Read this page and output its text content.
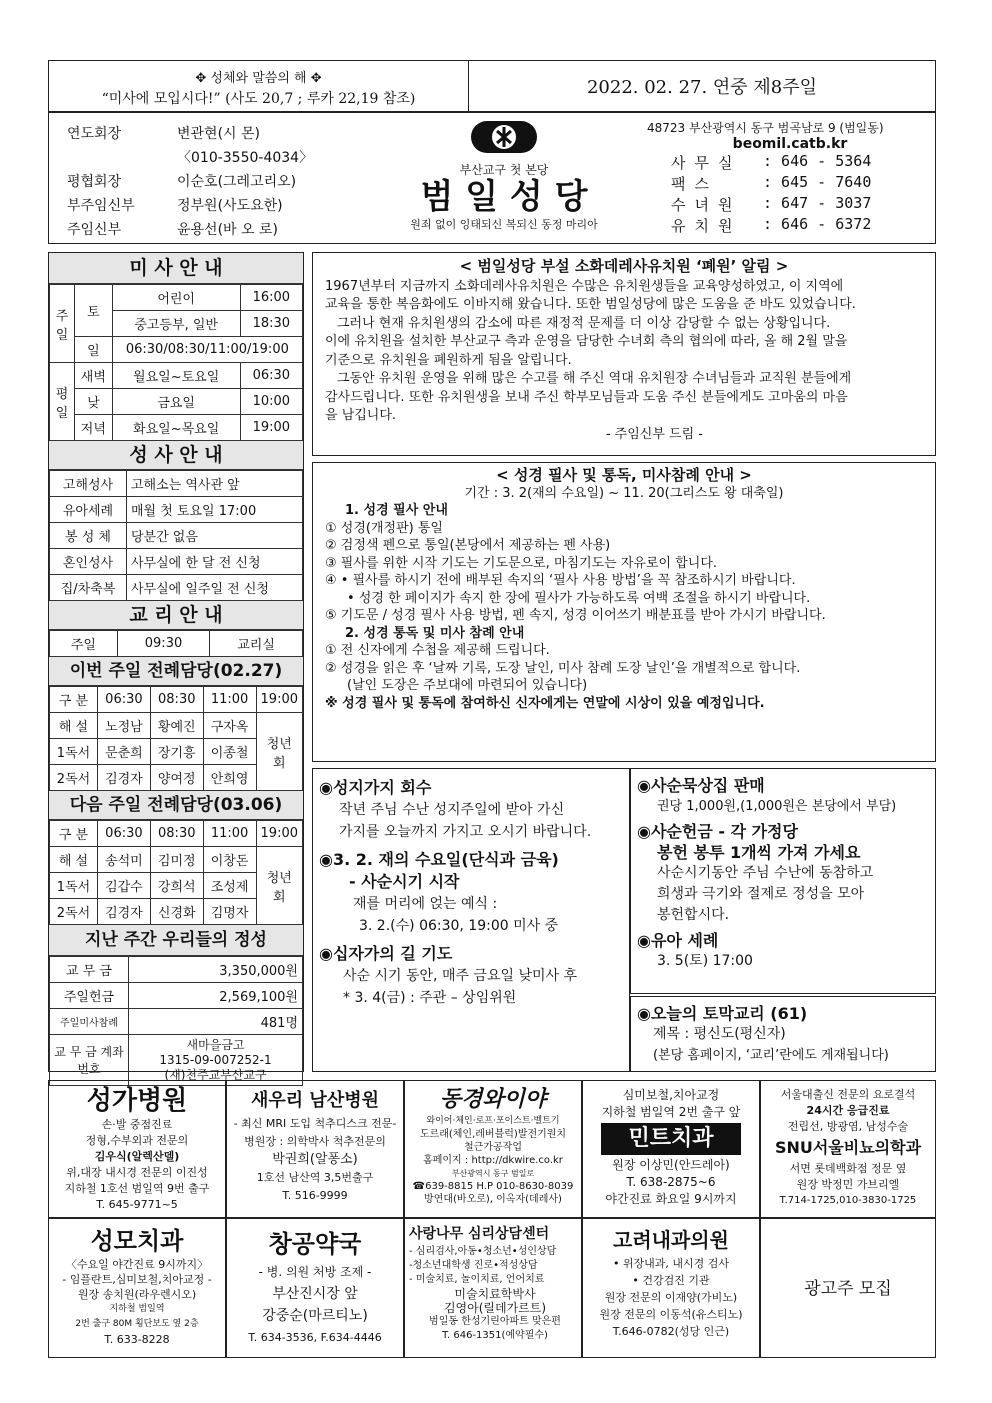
✥ 성체와 말씀의 해 ✥
“미사에 모입시다!” (사도 20,7 ; 루카 22,19 참조)
2022. 02. 27. 연중 제8주일
연도회장	변관현(시 몬)
〈010-3550-4034〉
평협회장	이순호(그레고리오)
부주임신부	정부원(사도요한)
주임신부	윤용선(바 오 로)
부산교구 첫 본당
범 일 성 당
원죄 없이 잉태되신 복되신 동정 마리아
48723 부산광역시 동구 범곡남로 9 (범일동)
beomil.catb.kr
사 무 실	: 646 - 5364
팩 스	: 645 - 7640
수 녀 원	: 647 - 3037
유 치 원	: 646 - 6372
미 사 안 내
주일	토	어린이	16:00
		중고등부, 일반	18:30
	일	06:30/08:30/11:00/19:00	
평일	새벽	월요일~토요일	06:30
	낮	금요일	10:00
	저녁	화요일~목요일	19:00
성 사 안 내
고해성사	고해소는 역사관 앞
유아세례	매월 첫 토요일 17:00
봉 성 체	당분간 없음
혼인성사	사무실에 한 달 전 신청
집/차축복	사무실에 일주일 전 신청
교 리 안 내
주일	09:30	교리실
이번 주일 전례담당(02.27)
구 분	06:30	08:30	11:00	19:00
해 설	노정남	황예진	구자옥	청년회
1독서	문춘희	장기흥	이종철	
2독서	김경자	양여정	안희영	
다음 주일 전례담당(03.06)
구 분	06:30	08:30	11:00	19:00
해 설	송석미	김미정	이창돈	청년회
1독서	김갑수	강희석	조성제	
2독서	김경자	신경화	김명자	
지난 주간 우리들의 정성
교 무 금	3,350,000원
주일헌금	2,569,100원
주일미사참례	481명
교 무 금 계좌번호	새마을금고
1315-09-007252-1
(재)천주교부산교구
< 범일성당 부설 소화데레사유치원 ‘폐원’ 알림 >
1967년부터 지금까지 소화데레사유치원은 수많은 유치원생들을 교육양성하였고, 이 지역에
교육을 통한 복음화에도 이바지해 왔습니다. 또한 범일성당에 많은 도움을 준 바도 있었습니다.
그러나 현재 유치원생의 감소에 따른 재정적 문제를 더 이상 감당할 수 없는 상황입니다.
이에 유치원을 설치한 부산교구 측과 운영을 담당한 수녀회 측의 협의에 따라, 올 해 2월 말을
기준으로 유치원을 폐원하게 됨을 알립니다.
그동안 유치원 운영을 위해 많은 수고를 해 주신 역대 유치원장 수녀님들과 교직원 분들에게
감사드립니다. 또한 유치원생을 보내 주신 학부모님들과 도움 주신 분들에게도 고마움의 마음
을 남깁니다.
- 주임신부 드림 -
< 성경 필사 및 통독, 미사참례 안내 >
기간 : 3. 2(재의 수요일) ~ 11. 20(그리스도 왕 대축일)
1. 성경 필사 안내
① 성경(개정판) 통일
② 검정색 펜으로 통일(본당에서 제공하는 펜 사용)
③ 필사를 위한 시작 기도는 기도문으로, 마침기도는 자유로이 합니다.
④ • 필사를 하시기 전에 배부된 속지의 ‘필사 사용 방법’을 꼭 참조하시기 바랍니다.
• 성경 한 페이지가 속지 한 장에 필사가 가능하도록 여백 조절을 하시기 바랍니다.
⑤ 기도문 / 성경 필사 사용 방법, 펜 속지, 성경 이어쓰기 배분표를 받아 가시기 바랍니다.
2. 성경 통독 및 미사 참례 안내
① 전 신자에게 수첩을 제공해 드립니다.
② 성경을 읽은 후 ‘날짜 기록, 도장 날인, 미사 참례 도장 날인’을 개별적으로 합니다.
(날인 도장은 주보대에 마련되어 있습니다)
※ 성경 필사 및 통독에 참여하신 신자에게는 연말에 시상이 있을 예정입니다.
◉ 성지가지 회수
작년 주님 수난 성지주일에 받아 가신
가지를 오늘까지 가지고 오시기 바랍니다.
◉ 3. 2. 재의 수요일(단식과 금육)
- 사순시기 시작
재를 머리에 얹는 예식 :
3. 2.(수) 06:30, 19:00 미사 중
◉ 십자가의 길 기도
사순 시기 동안, 매주 금요일 낮미사 후
* 3. 4(금) : 주관 – 상임위원
◉ 사순묵상집 판매
권당 1,000원,(1,000원은 본당에서 부담)
◉ 사순헌금 - 각 가정당
봉헌 봉투 1개씩 가져 가세요
사순시기동안 주님 수난에 동참하고
희생과 극기와 절제로 정성을 모아
봉헌합시다.
◉ 유아 세례
3. 5(토) 17:00
◉ 오늘의 토막교리 (61)
제목 : 평신도(평신자)
(본당 홈페이지, ‘교리’란에도 게재됩니다)
성가병원
손·발 중점진료
정형,수부외과 전문의
김우식(알렉산델)
위,대장 내시경 전문의 이진성
지하철 1호선 범일역 9번 출구
T. 645-9771~5
새우리 남산병원
- 최신 MRI 도입 척추디스크 전문-
병원장 : 의학박사 척추전문의
박권희(알퐁소)
1호선 남산역 3,5번출구
T. 516-9999
동경와이야
와이어·체인·로프·포이스트·벨트기
도르래(체인,레버블럭)발전기원치
철근가공작업
홈페이지 : http://dkwire.co.kr
부산광역시 동구 범일로
☎639-8815 H.P 010-8630-8039
방연대(바오로), 이옥자(데레사)
심미보철,치아교정
지하철 범일역 2번 출구 앞
민트치과
원장 이상민(안드레아)
T. 638-2875~6
야간진료 화요일 9시까지
서울대출신 전문의 요로결석
24시간 응급진료
전립선, 방광염, 남성수술
SNU서울비뇨의학과
서면 롯데백화점 정문 옆
원장 박정민 가브리엘
T.714-1725,010-3830-1725
성모치과
〈수요일 야간진료 9시까지〉
- 임플란트,심미보철,치아교정 -
원장 송치원(라우렌시오)
지하철 범일역
2번 출구 80M 횡단보도 옆 2층
T. 633-8228
창공약국
- 병. 의원 처방 조제 -
부산진시장 앞
강중순(마르티노)
T. 634-3536, F.634-4446
사랑나무 심리상담센터
- 심리검사,아동•청소년•성인상담
-청소년대학생 진로•적성상담
- 미술치료, 놀이치료, 언어치료
미술치료학박사
김영아(릴데가르트)
범일동 한성기린아파트 맞은편
T. 646-1351(예약필수)
고려내과의원
• 위장내과, 내시경 검사
• 건강검진 기관
원장 전문의 이재양(가비노)
원장 전문의 이동석(유스티노)
T.646-0782(성당 인근)
광고주 모집
